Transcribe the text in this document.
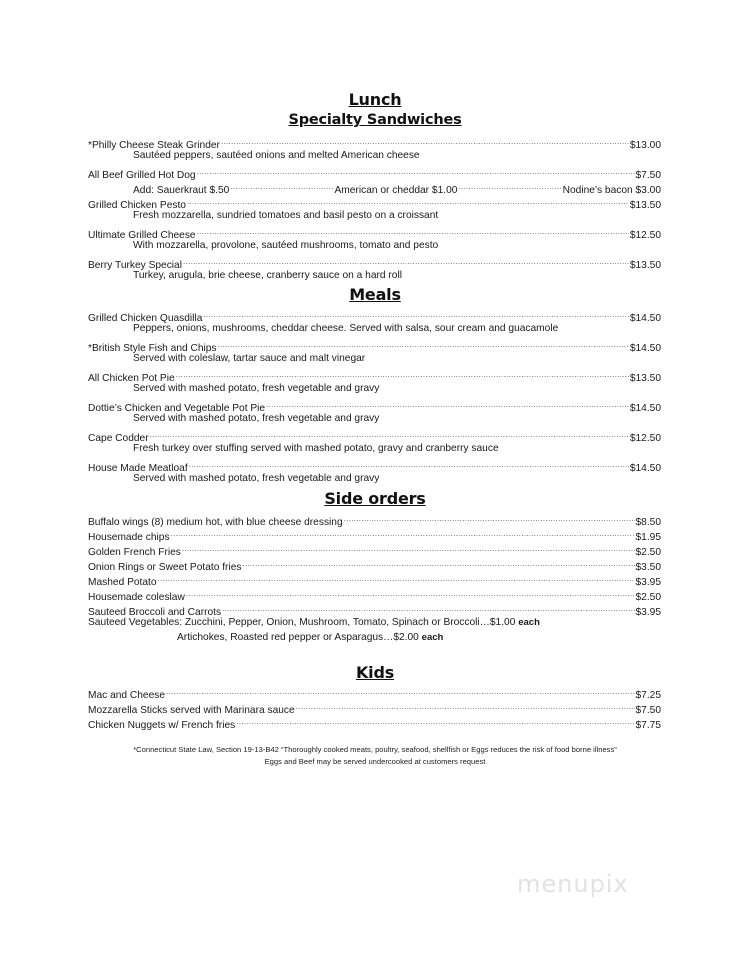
Lunch
Specialty Sandwiches
*Philly Cheese Steak Grinder .....	$13.00
Sautéed peppers, sautéed onions and melted American cheese
All Beef Grilled Hot Dog .....	$7.50
Add: Sauerkraut $.50 .....	American or cheddar $1.00 .....	Nodine’s bacon $3.00
Grilled Chicken Pesto .....	$13.50
Fresh mozzarella, sundried tomatoes and basil pesto on a croissant
Ultimate Grilled Cheese .....	$12.50
With mozzarella, provolone, sautéed mushrooms, tomato and pesto
Berry Turkey Special .....	$13.50
Turkey, arugula, brie cheese, cranberry sauce on a hard roll
Meals
Grilled Chicken Quasdilla .....	$14.50
Peppers, onions, mushrooms, cheddar cheese. Served with salsa, sour cream and guacamole
*British Style Fish and Chips .....	$14.50
Served with coleslaw, tartar sauce and malt vinegar
All Chicken Pot Pie .....	$13.50
Served with mashed potato, fresh vegetable and gravy
Dottie’s Chicken and Vegetable Pot Pie .....	$14.50
Served with mashed potato, fresh vegetable and gravy
Cape Codder .....	$12.50
Fresh turkey over stuffing served with mashed potato, gravy and cranberry sauce
House Made Meatloaf .....	$14.50
Served with mashed potato, fresh vegetable and gravy
Side orders
Buffalo wings (8) medium hot, with blue cheese dressing .....	$8.50
Housemade chips .....	$1.95
Golden French Fries .....	$2.50
Onion Rings or Sweet Potato fries .....	$3.50
Mashed Potato .....	$3.95
Housemade coleslaw .....	$2.50
Sauteed Broccoli and Carrots .....	$3.95
Sauteed Vegetables: Zucchini, Pepper, Onion, Mushroom, Tomato, Spinach or Broccoli…$1.00 each
Artichokes, Roasted red pepper or Asparagus…$2.00 each
Kids
Mac and Cheese .....	$7.25
Mozzarella Sticks served with Marinara sauce .....	$7.50
Chicken Nuggets w/ French fries .....	$7.75
*Connecticut State Law, Section 19-13-B42 “Thoroughly cooked meats, poultry, seafood, shellfish or Eggs reduces the risk of food borne illness”
Eggs and Beef may be served undercooked at customers request
menupix
